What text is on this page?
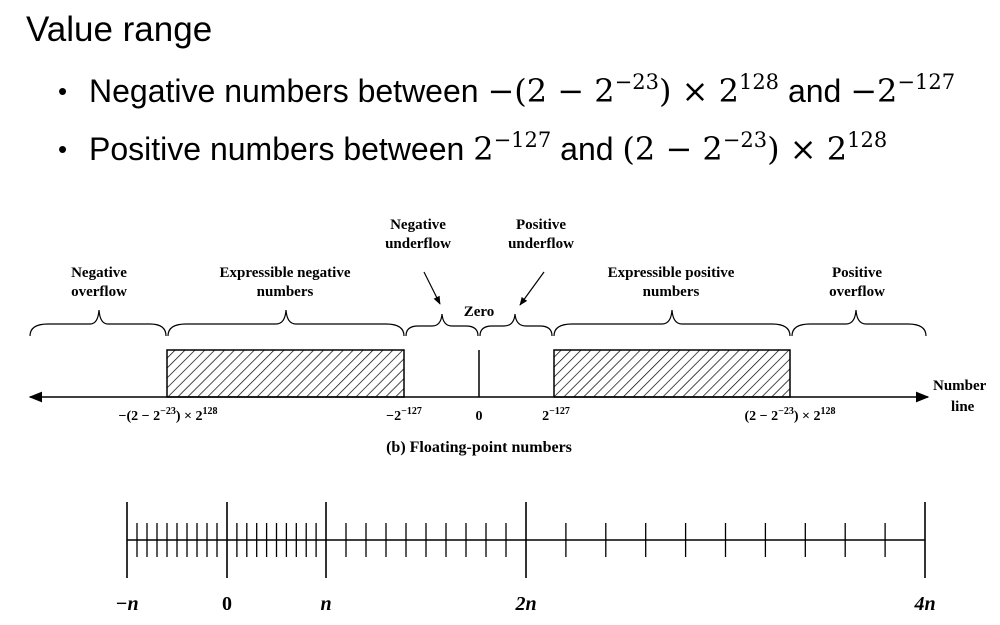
Value range
• Negative numbers between $-(2 - 2^{-23}) \times 2^{128}$ and $-2^{-127}$
• Positive numbers between $2^{-127}$ and $(2 - 2^{-23}) \times 2^{128}$
Negative overflow
Expressible negative numbers
Negative underflow
Zero
Positive underflow
Expressible positive numbers
Positive overflow
Number line
$-(2 - 2^{-23}) \times 2^{128}$	$-2^{-127}$	0	$2^{-127}$	$(2 - 2^{-23}) \times 2^{128}$
(b) Floating-point numbers
−n	0	n	2n	4n
